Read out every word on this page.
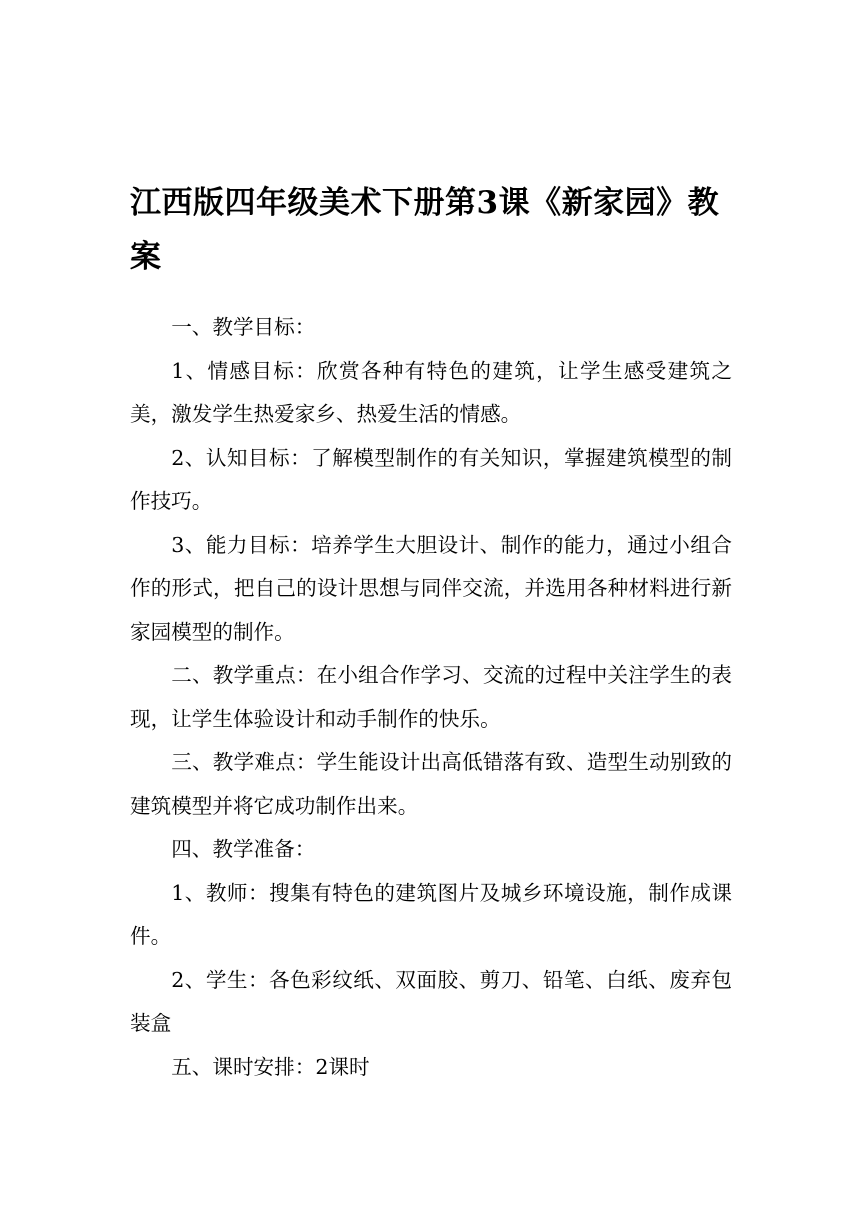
江西版四年级美术下册第3课《新家园》教案

一、教学目标：

1、情感目标：欣赏各种有特色的建筑，让学生感受建筑之美，激发学生热爱家乡、热爱生活的情感。

2、认知目标：了解模型制作的有关知识，掌握建筑模型的制作技巧。

3、能力目标：培养学生大胆设计、制作的能力，通过小组合作的形式，把自己的设计思想与同伴交流，并选用各种材料进行新家园模型的制作。

二、教学重点：在小组合作学习、交流的过程中关注学生的表现，让学生体验设计和动手制作的快乐。

三、教学难点：学生能设计出高低错落有致、造型生动别致的建筑模型并将它成功制作出来。

四、教学准备：

1、教师：搜集有特色的建筑图片及城乡环境设施，制作成课件。

2、学生：各色彩纹纸、双面胶、剪刀、铅笔、白纸、废弃包装盒

五、课时安排：2课时
